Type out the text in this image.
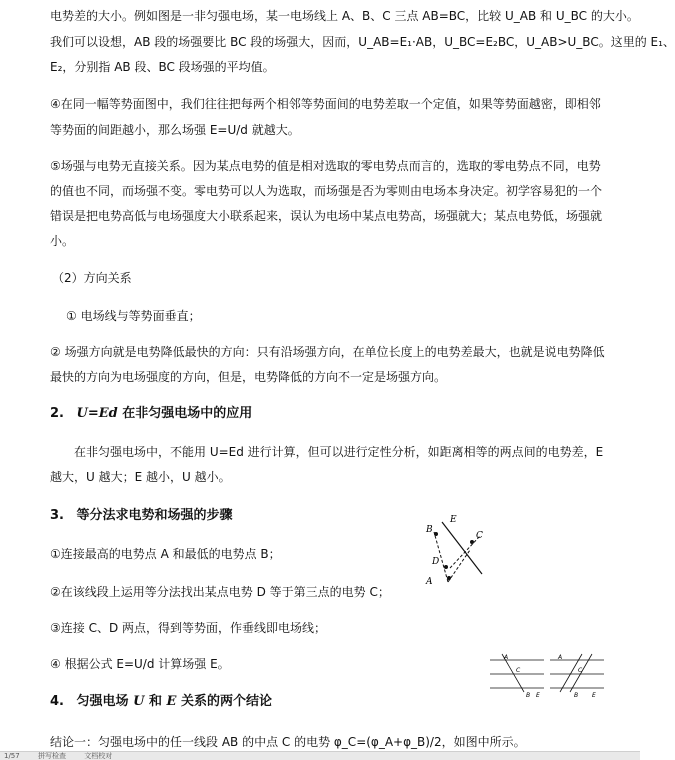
电势差的大小。例如图是一非匀强电场，某一电场线上 A、B、C 三点 AB=BC，比较 U_AB 和 U_BC 的大小。
我们可以设想，AB 段的场强要比 BC 段的场强大，因而，U_AB=E₁·AB，U_BC=E₂BC，U_AB>U_BC。这里的 E₁、
E₂，分别指 AB 段、BC 段场强的平均值。
④在同一幅等势面图中，我们往往把每两个相邻等势面间的电势差取一个定值，如果等势面越密，即相邻
等势面的间距越小，那么场强 E=U/d 就越大。
⑤场强与电势无直接关系。因为某点电势的值是相对选取的零电势点而言的，选取的零电势点不同，电势
的值也不同，而场强不变。零电势可以人为选取，而场强是否为零则由电场本身决定。初学容易犯的一个
错误是把电势高低与电场强度大小联系起来，误认为电场中某点电势高，场强就大；某点电势低，场强就
小。
（2）方向关系
① 电场线与等势面垂直；
② 场强方向就是电势降低最快的方向：只有沿场强方向，在单位长度上的电势差最大，也就是说电势降低
最快的方向为电场强度的方向，但是，电势降低的方向不一定是场强方向。
2. U=Ed 在非匀强电场中的应用
在非匀强电场中，不能用 U=Ed 进行计算，但可以进行定性分析，如距离相等的两点间的电势差，E
越大，U 越大；E 越小，U 越小。
3. 等分法求电势和场强的步骤
①连接最高的电势点 A 和最低的电势点 B；
②在该线段上运用等分法找出某点电势 D 等于第三点的电势 C；
③连接 C、D 两点，得到等势面，作垂线即电场线；
④ 根据公式 E=U/d 计算场强 E。
4. 匀强电场 U 和 E 关系的两个结论
结论一：匀强电场中的任一线段 AB 的中点 C 的电势 φ_C=(φ_A+φ_B)/2，如图中所示。
B
E
C
D
A
A
C
B E
A
C
B E
1/57	拼写检查	文档校对
